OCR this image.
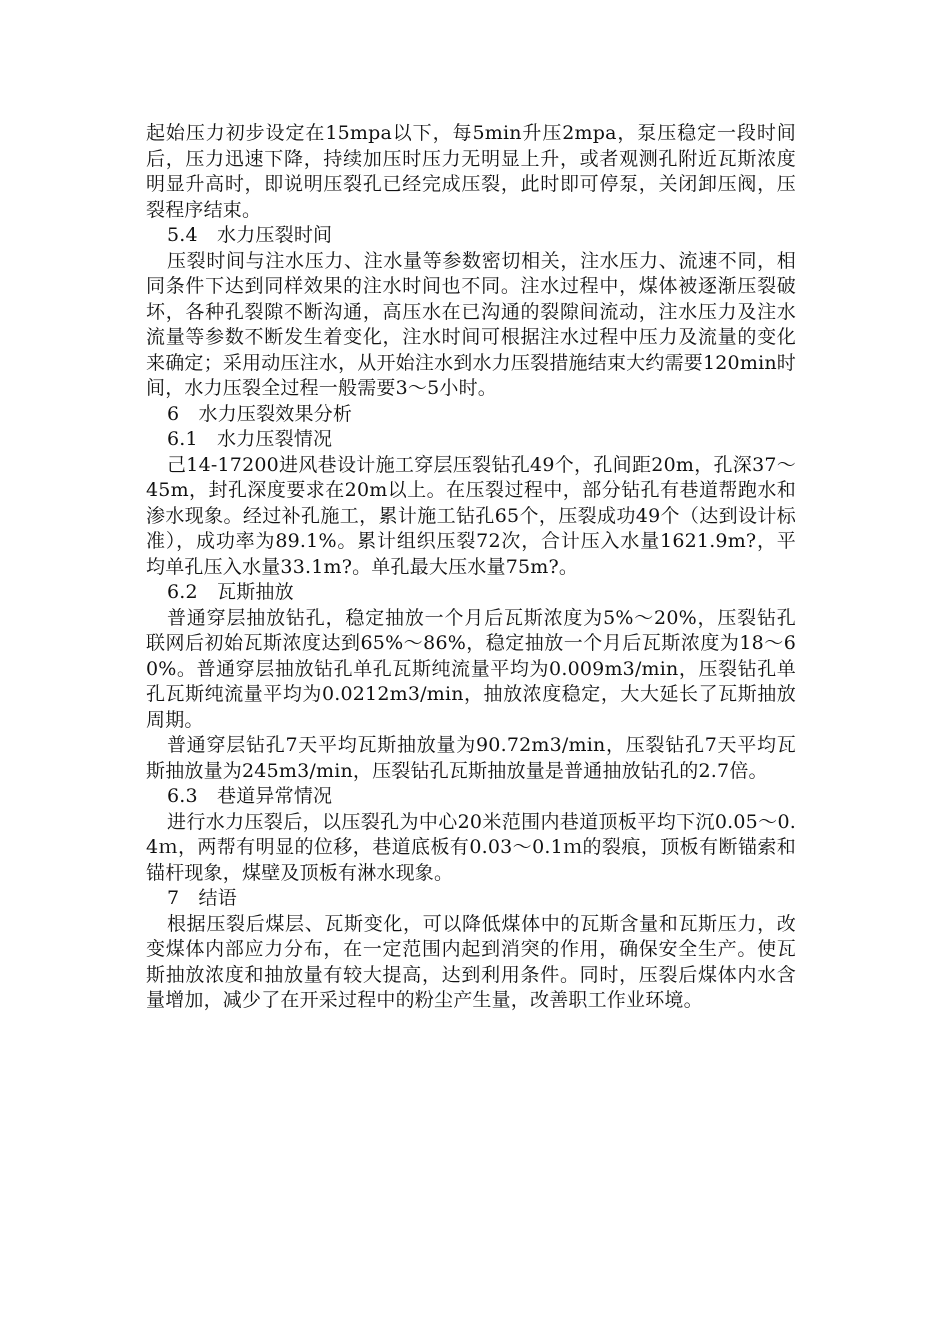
起始压力初步设定在15mpa以下，每5min升压2mpa，泵压稳定一段时间后，压力迅速下降，持续加压时压力无明显上升，或者观测孔附近瓦斯浓度明显升高时，即说明压裂孔已经完成压裂，此时即可停泵，关闭卸压阀，压裂程序结束。

5.4　水力压裂时间

压裂时间与注水压力、注水量等参数密切相关，注水压力、流速不同，相同条件下达到同样效果的注水时间也不同。注水过程中，煤体被逐渐压裂破坏，各种孔裂隙不断沟通，高压水在已沟通的裂隙间流动，注水压力及注水流量等参数不断发生着变化，注水时间可根据注水过程中压力及流量的变化来确定；采用动压注水，从开始注水到水力压裂措施结束大约需要120min时间，水力压裂全过程一般需要3～5小时。

6　水力压裂效果分析

6.1　水力压裂情况

己14-17200进风巷设计施工穿层压裂钻孔49个，孔间距20m，孔深37～45m，封孔深度要求在20m以上。在压裂过程中，部分钻孔有巷道帮跑水和渗水现象。经过补孔施工，累计施工钻孔65个，压裂成功49个（达到设计标准），成功率为89.1%。累计组织压裂72次，合计压入水量1621.9m?，平均单孔压入水量33.1m?。单孔最大压水量75m?。

6.2　瓦斯抽放

普通穿层抽放钻孔，稳定抽放一个月后瓦斯浓度为5%～20%，压裂钻孔联网后初始瓦斯浓度达到65%～86%，稳定抽放一个月后瓦斯浓度为18～60%。普通穿层抽放钻孔单孔瓦斯纯流量平均为0.009m3/min，压裂钻孔单孔瓦斯纯流量平均为0.0212m3/min，抽放浓度稳定，大大延长了瓦斯抽放周期。

普通穿层钻孔7天平均瓦斯抽放量为90.72m3/min，压裂钻孔7天平均瓦斯抽放量为245m3/min，压裂钻孔瓦斯抽放量是普通抽放钻孔的2.7倍。

6.3　巷道异常情况

进行水力压裂后，以压裂孔为中心20米范围内巷道顶板平均下沉0.05～0.4ｍ，两帮有明显的位移，巷道底板有0.03～0.1ｍ的裂痕，顶板有断锚索和锚杆现象，煤壁及顶板有淋水现象。

7　结语

根据压裂后煤层、瓦斯变化，可以降低煤体中的瓦斯含量和瓦斯压力，改变煤体内部应力分布，在一定范围内起到消突的作用，确保安全生产。使瓦斯抽放浓度和抽放量有较大提高，达到利用条件。同时，压裂后煤体内水含量增加，减少了在开采过程中的粉尘产生量，改善职工作业环境。
